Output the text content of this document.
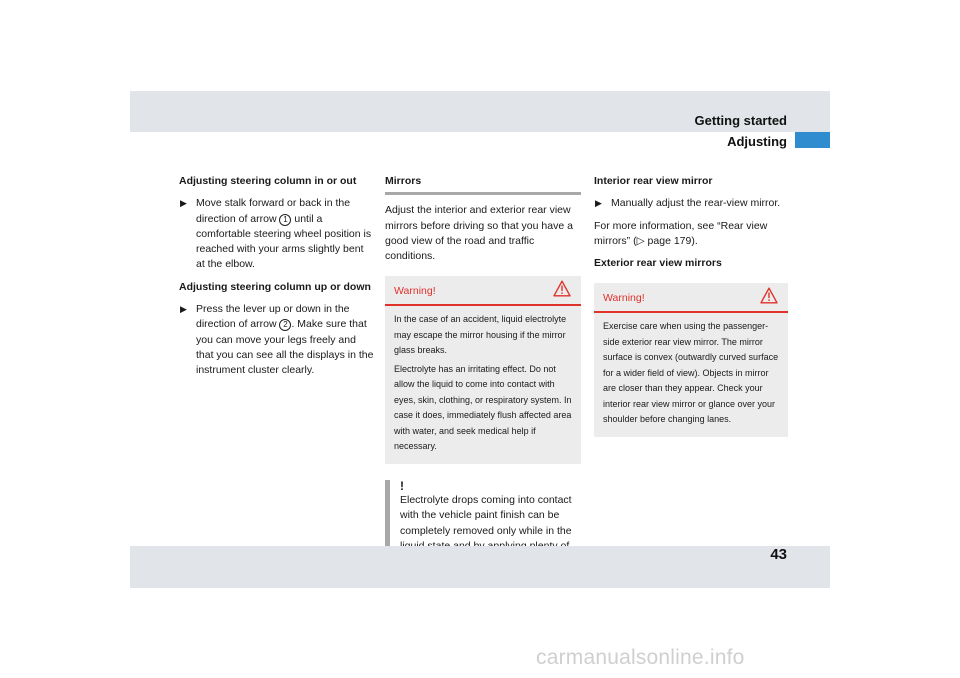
Getting started
Adjusting
Adjusting steering column in or out
▶ Move stalk forward or back in the direction of arrow 1 until a comfortable steering wheel position is reached with your arms slightly bent at the elbow.
Adjusting steering column up or down
▶ Press the lever up or down in the direction of arrow 2 . Make sure that you can move your legs freely and that you can see all the displays in the instrument cluster clearly.
Mirrors

Adjust the interior and exterior rear view mirrors before driving so that you have a good view of the road and traffic conditions.

Warning!

In the case of an accident, liquid electrolyte may escape the mirror housing if the mirror glass breaks.

Electrolyte has an irritating effect. Do not allow the liquid to come into contact with eyes, skin, clothing, or respiratory system. In case it does, immediately flush affected area with water, and seek medical help if necessary.

!
Electrolyte drops coming into contact with the vehicle paint finish can be completely removed only while in the
Interior rear view mirror
▶ Manually adjust the rear-view mirror.

For more information, see “Rear view mirrors” (▷ page 179).

Exterior rear view mirrors
Warning!

Exercise care when using the passenger-side exterior rear view mirror. The mirror surface is convex (outwardly curved surface for a wider field of view). Objects in mirror are closer than they appear. Check your interior rear view mirror or glance over your shoulder before changing lanes.

43
carmanualsonline.info
